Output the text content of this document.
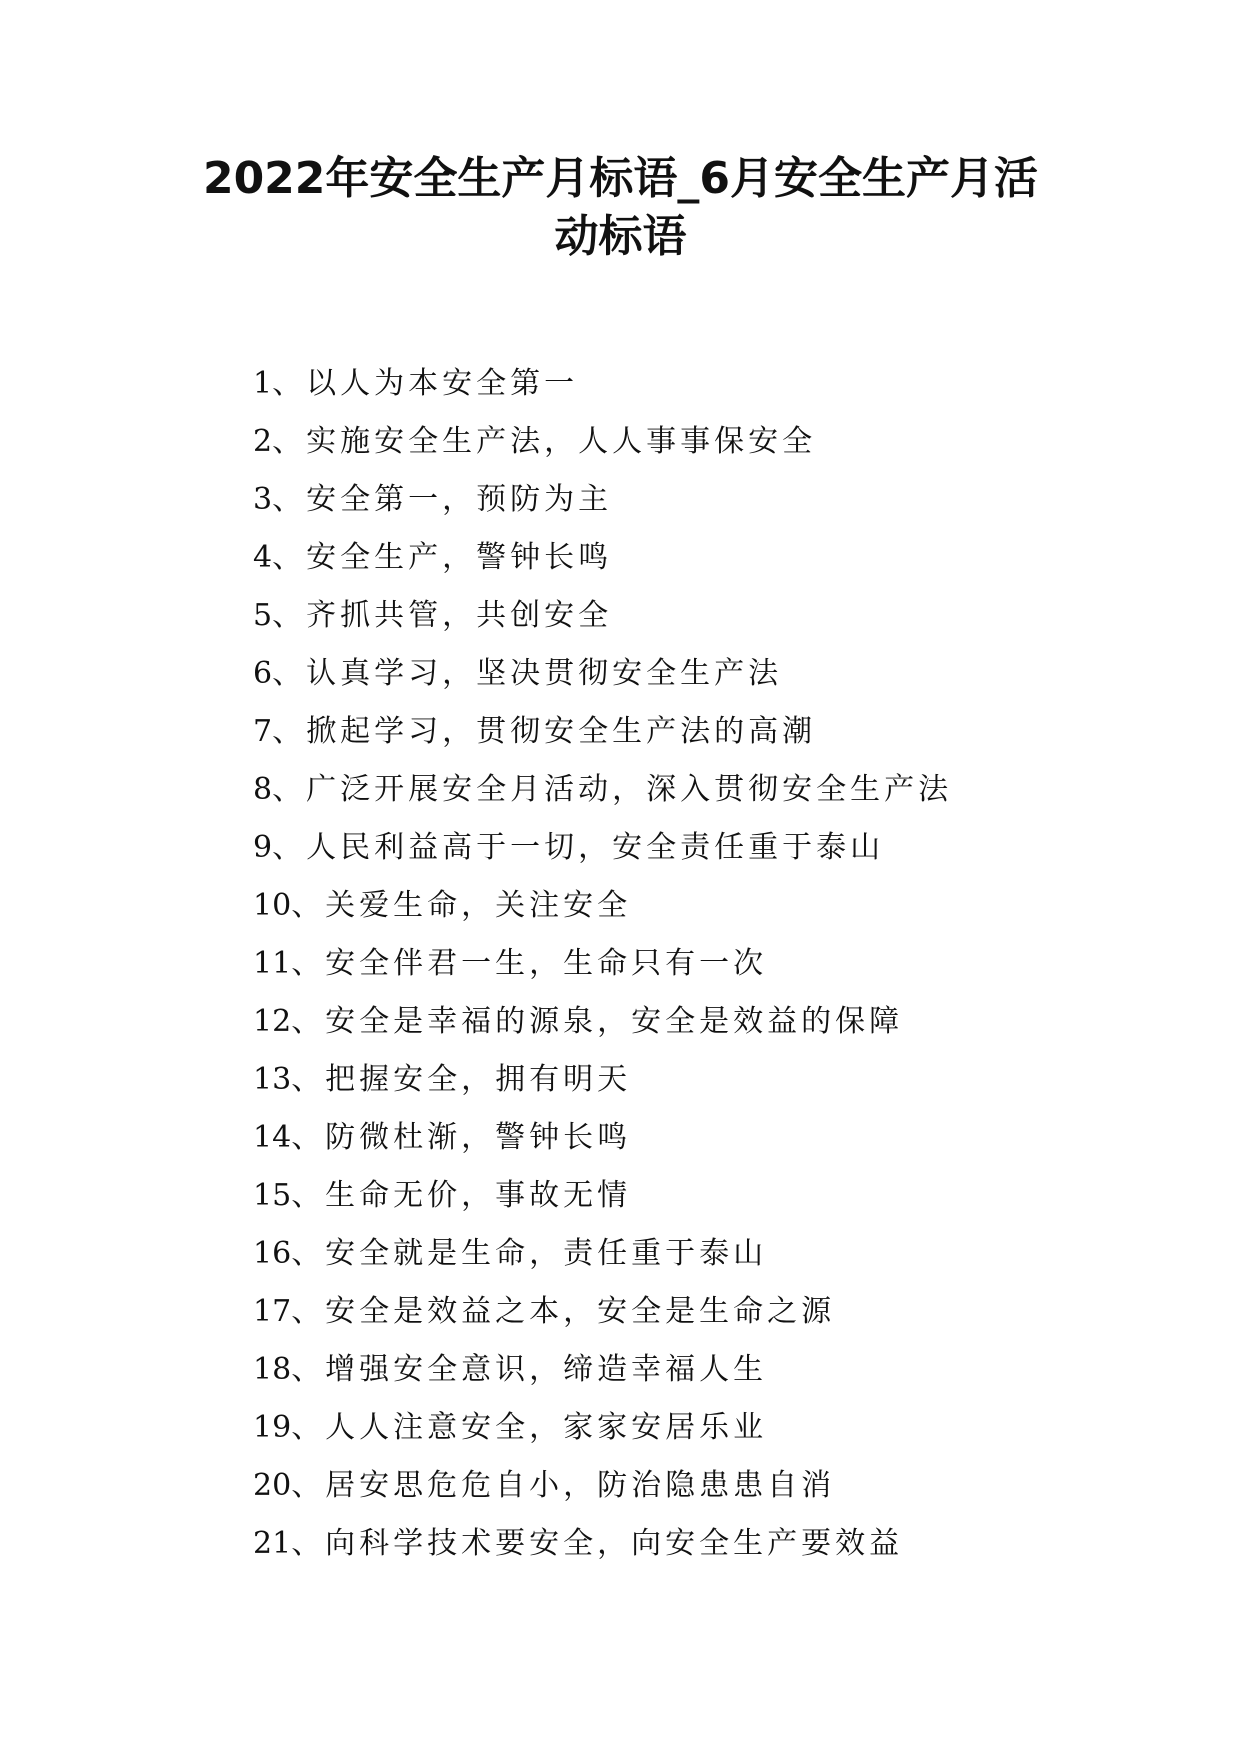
2022年安全生产月标语_6月安全生产月活
动标语
1、以人为本安全第一
2、实施安全生产法，人人事事保安全
3、安全第一，预防为主
4、安全生产，警钟长鸣
5、齐抓共管，共创安全
6、认真学习，坚决贯彻安全生产法
7、掀起学习，贯彻安全生产法的高潮
8、广泛开展安全月活动，深入贯彻安全生产法
9、人民利益高于一切，安全责任重于泰山
10、关爱生命，关注安全
11、安全伴君一生，生命只有一次
12、安全是幸福的源泉，安全是效益的保障
13、把握安全，拥有明天
14、防微杜渐，警钟长鸣
15、生命无价，事故无情
16、安全就是生命，责任重于泰山
17、安全是效益之本，安全是生命之源
18、增强安全意识，缔造幸福人生
19、人人注意安全，家家安居乐业
20、居安思危危自小，防治隐患患自消
21、向科学技术要安全，向安全生产要效益
